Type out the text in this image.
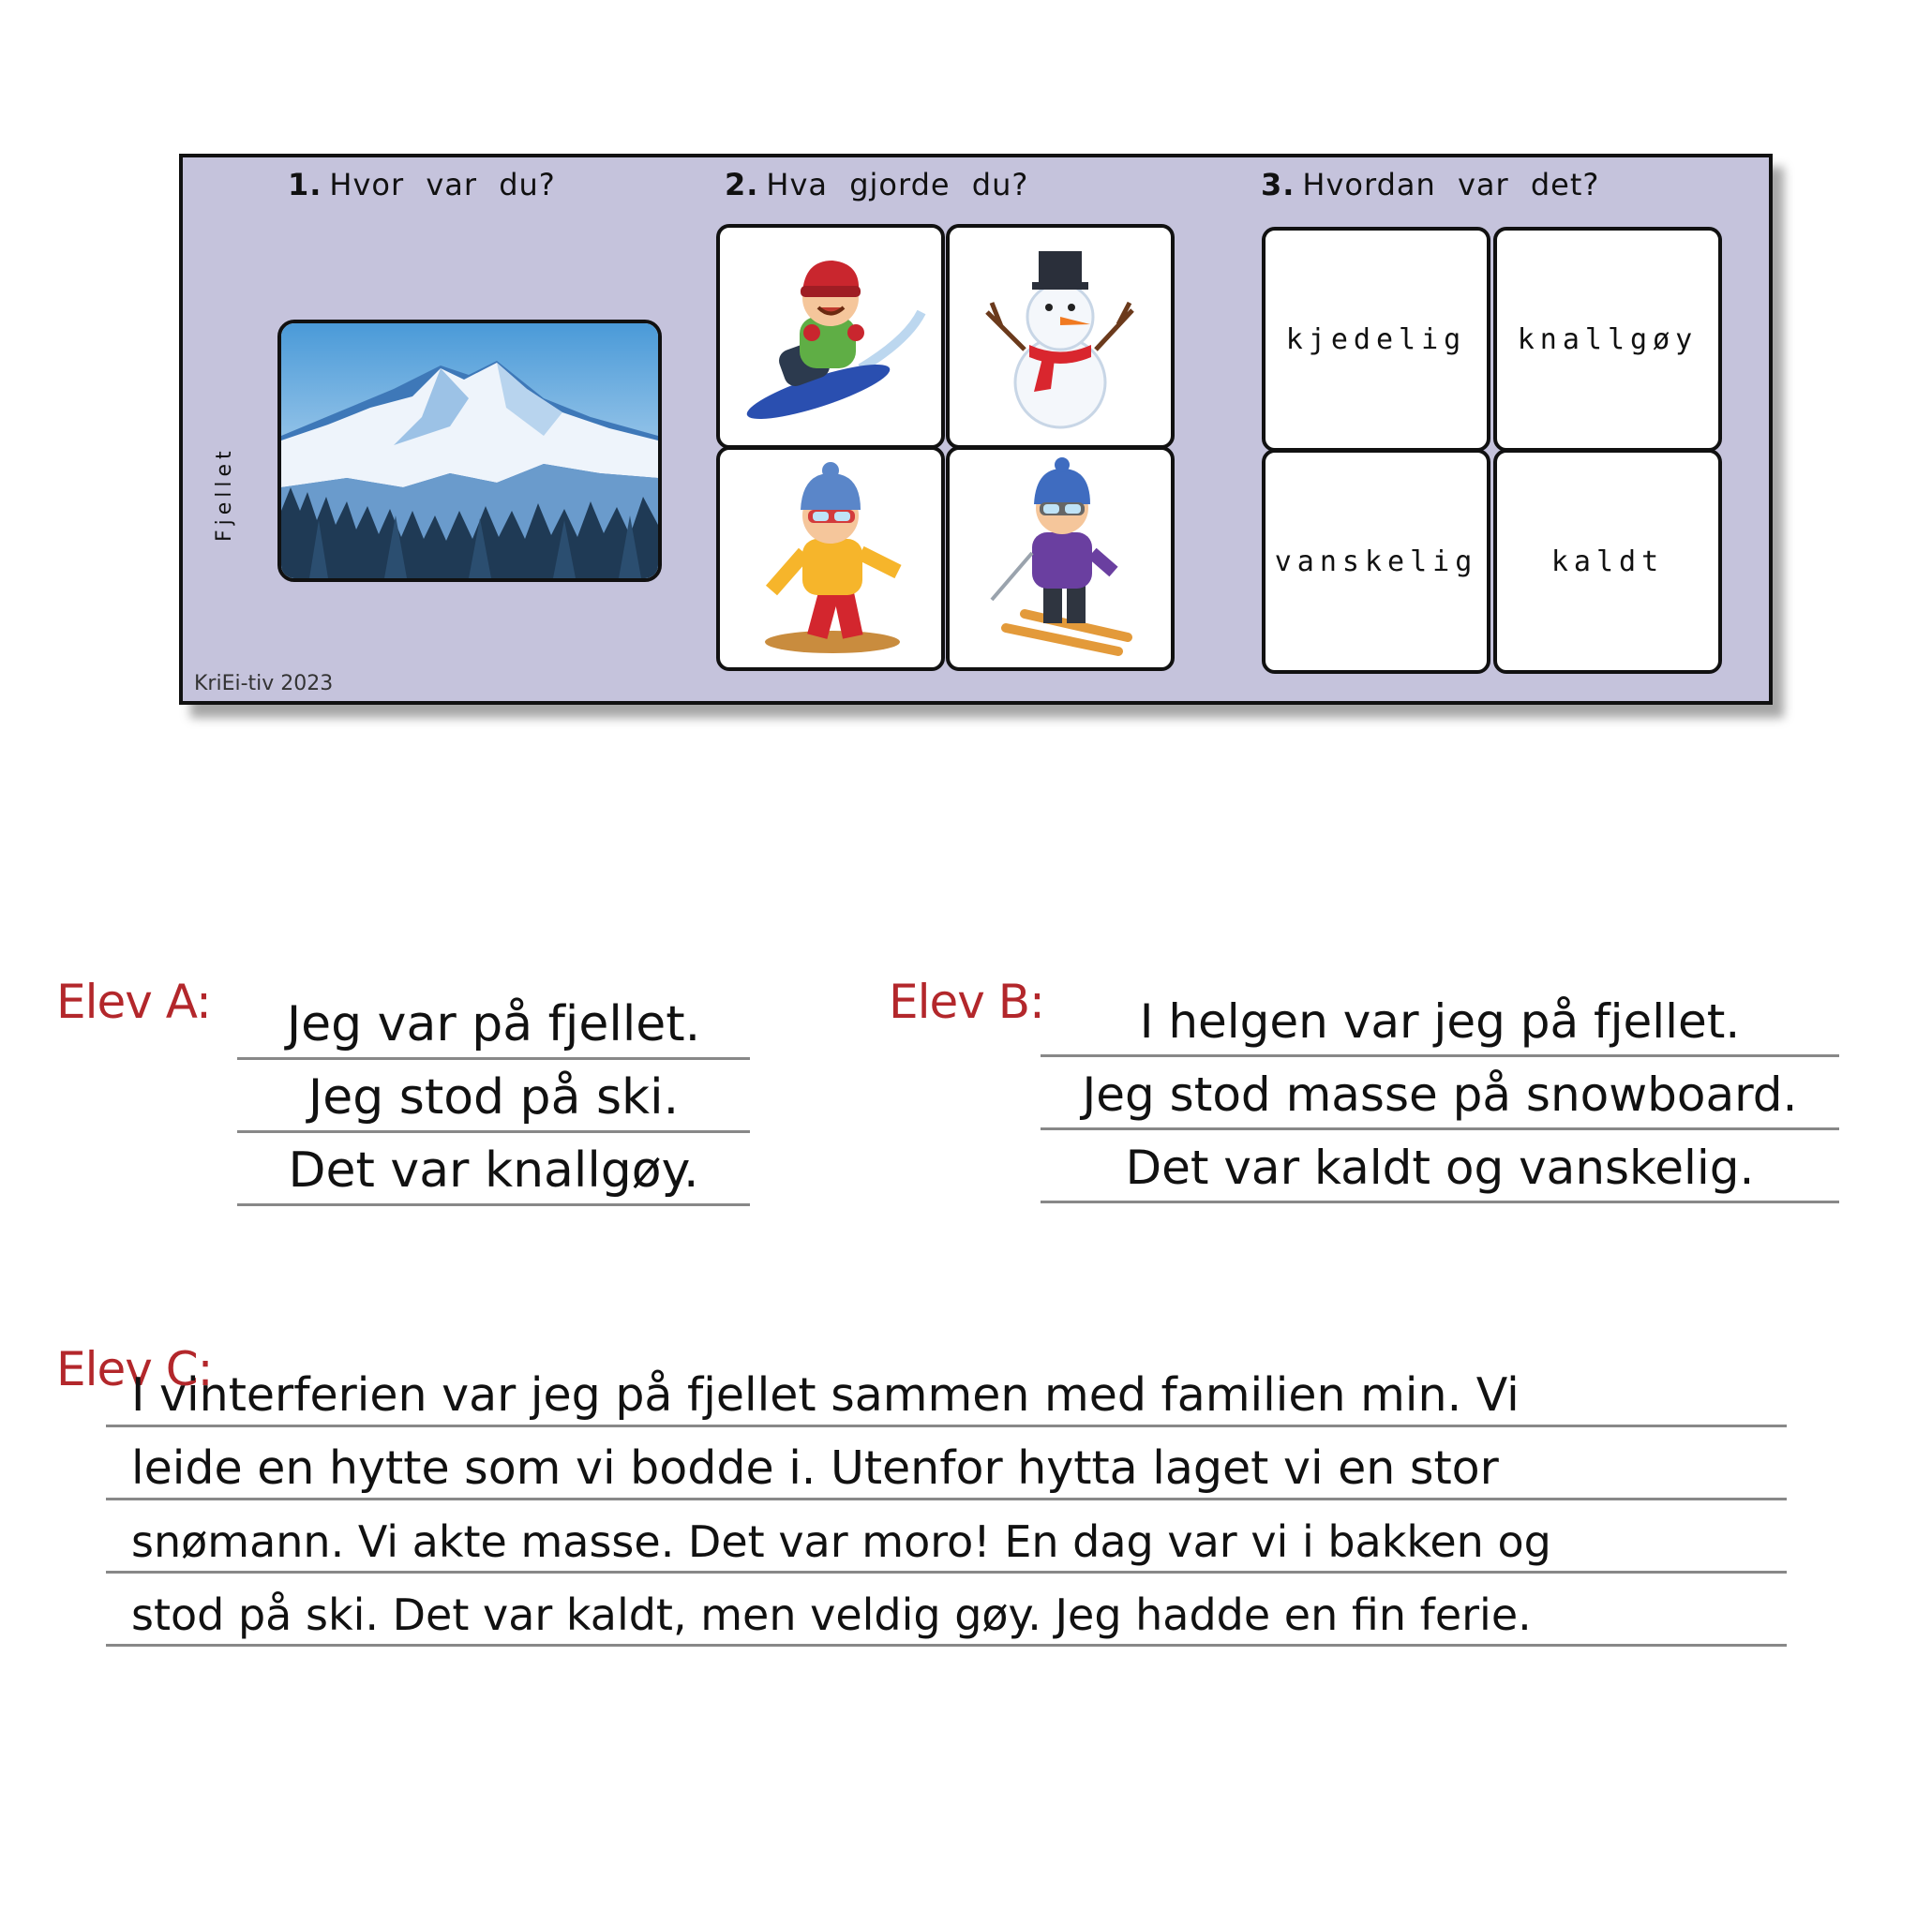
1. Hvor var du?	2. Hva gjorde du?	3. Hvordan var det?
Fjellet
kjedelig	knallgøy
vanskelig	kaldt
KriEi-tiv 2023
Elev A:	Jeg var på fjellet.
Jeg stod på ski.
Det var knallgøy.
Elev B:	I helgen var jeg på fjellet.
Jeg stod masse på snowboard.
Det var kaldt og vanskelig.
Elev C:
I vinterferien var jeg på fjellet sammen med familien min. Vi
leide en hytte som vi bodde i. Utenfor hytta laget vi en stor
snømann. Vi akte masse. Det var moro! En dag var vi i bakken og
stod på ski. Det var kaldt, men veldig gøy. Jeg hadde en fin ferie.
